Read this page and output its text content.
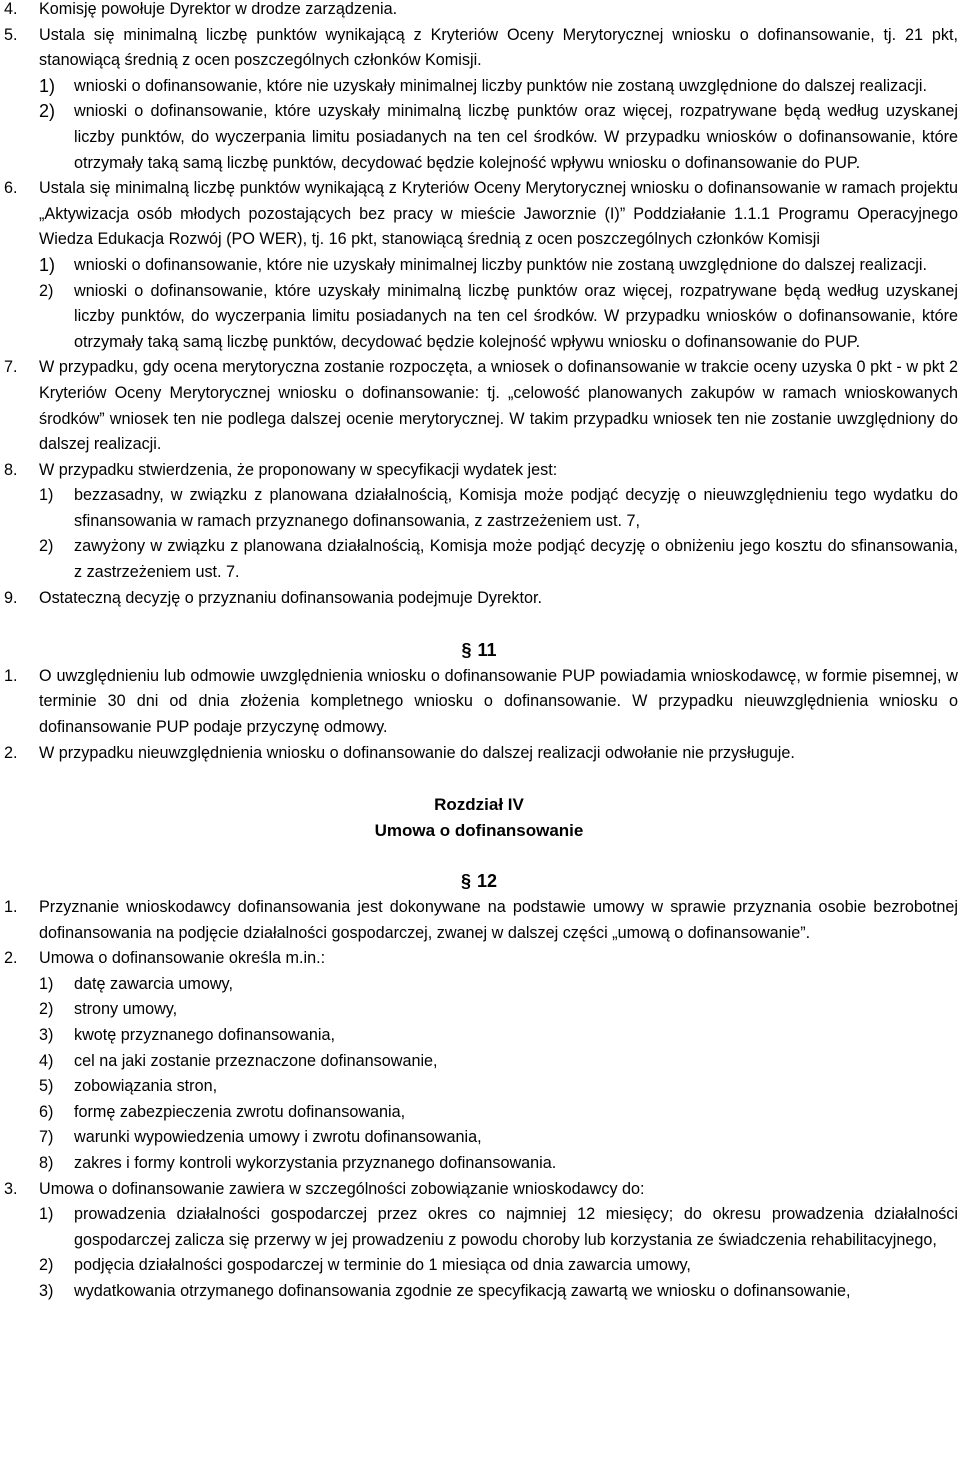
4.	Komisję powołuje Dyrektor w drodze zarządzenia.
5.	Ustala się minimalną liczbę punktów wynikającą z Kryteriów Oceny Merytorycznej wniosku o dofinansowanie, tj. 21 pkt, stanowiącą średnią z ocen poszczególnych członków Komisji.
1)	wnioski o dofinansowanie, które nie uzyskały minimalnej liczby punktów nie zostaną uwzględnione do dalszej realizacji.
2)	wnioski o dofinansowanie, które uzyskały minimalną liczbę punktów oraz więcej, rozpatrywane będą według uzyskanej liczby punktów, do wyczerpania limitu posiadanych na ten cel środków. W przypadku wniosków o dofinansowanie, które otrzymały taką samą liczbę punktów, decydować będzie kolejność wpływu wniosku o dofinansowanie do PUP.
6.	Ustala się minimalną liczbę punktów wynikającą z Kryteriów Oceny Merytorycznej wniosku o dofinansowanie w ramach projektu „Aktywizacja osób młodych pozostających bez pracy w mieście Jaworznie (I)” Poddziałanie 1.1.1 Programu Operacyjnego Wiedza Edukacja Rozwój (PO WER), tj. 16 pkt, stanowiącą średnią z ocen poszczególnych członków Komisji
1)	wnioski o dofinansowanie, które nie uzyskały minimalnej liczby punktów nie zostaną uwzględnione do dalszej realizacji.
2)	wnioski o dofinansowanie, które uzyskały minimalną liczbę punktów oraz więcej, rozpatrywane będą według uzyskanej liczby punktów, do wyczerpania limitu posiadanych na ten cel środków. W przypadku wniosków o dofinansowanie, które otrzymały taką samą liczbę punktów, decydować będzie kolejność wpływu wniosku o dofinansowanie do PUP.
7.	W przypadku, gdy ocena merytoryczna zostanie rozpoczęta, a wniosek o dofinansowanie w trakcie oceny uzyska 0 pkt - w pkt 2 Kryteriów Oceny Merytorycznej wniosku o dofinansowanie: tj. „celowość planowanych zakupów w ramach wnioskowanych środków” wniosek ten nie podlega dalszej ocenie merytorycznej. W takim przypadku wniosek ten nie zostanie uwzględniony do dalszej realizacji.
8.	W przypadku stwierdzenia, że proponowany w specyfikacji wydatek jest:
1)	bezzasadny, w związku z planowana działalnością, Komisja może podjąć decyzję o nieuwzględnieniu tego wydatku do sfinansowania w ramach przyznanego dofinansowania, z zastrzeżeniem ust. 7,
2)	zawyżony w związku z planowana działalnością, Komisja może podjąć decyzję o obniżeniu jego kosztu do sfinansowania, z zastrzeżeniem ust. 7.
9.	Ostateczną decyzję o przyznaniu dofinansowania podejmuje Dyrektor.
§ 11
1.	O uwzględnieniu lub odmowie uwzględnienia wniosku o dofinansowanie PUP powiadamia wnioskodawcę, w formie pisemnej, w terminie 30 dni od dnia złożenia kompletnego wniosku o dofinansowanie. W przypadku nieuwzględnienia wniosku o dofinansowanie PUP podaje przyczynę odmowy.
2.	W przypadku nieuwzględnienia wniosku o dofinansowanie do dalszej realizacji odwołanie nie przysługuje.
Rozdział IV
Umowa o dofinansowanie
§ 12
1.	Przyznanie wnioskodawcy dofinansowania jest dokonywane na podstawie umowy w sprawie przyznania osobie bezrobotnej dofinansowania na podjęcie działalności gospodarczej, zwanej w dalszej części „umową o dofinansowanie”.
2.	Umowa o dofinansowanie określa m.in.:
1)	datę zawarcia umowy,
2)	strony umowy,
3)	kwotę przyznanego dofinansowania,
4)	cel na jaki zostanie przeznaczone dofinansowanie,
5)	zobowiązania stron,
6)	formę zabezpieczenia zwrotu dofinansowania,
7)	warunki wypowiedzenia umowy i zwrotu dofinansowania,
8)	zakres i formy kontroli wykorzystania przyznanego dofinansowania.
3.	Umowa o dofinansowanie zawiera w szczególności zobowiązanie wnioskodawcy do:
1)	prowadzenia działalności gospodarczej przez okres co najmniej 12 miesięcy; do okresu prowadzenia działalności gospodarczej zalicza się przerwy w jej prowadzeniu z powodu choroby lub korzystania ze świadczenia rehabilitacyjnego,
2)	podjęcia działalności gospodarczej w terminie do 1 miesiąca od dnia zawarcia umowy,
3)	wydatkowania otrzymanego dofinansowania zgodnie ze specyfikacją zawartą we wniosku o dofinansowanie,
